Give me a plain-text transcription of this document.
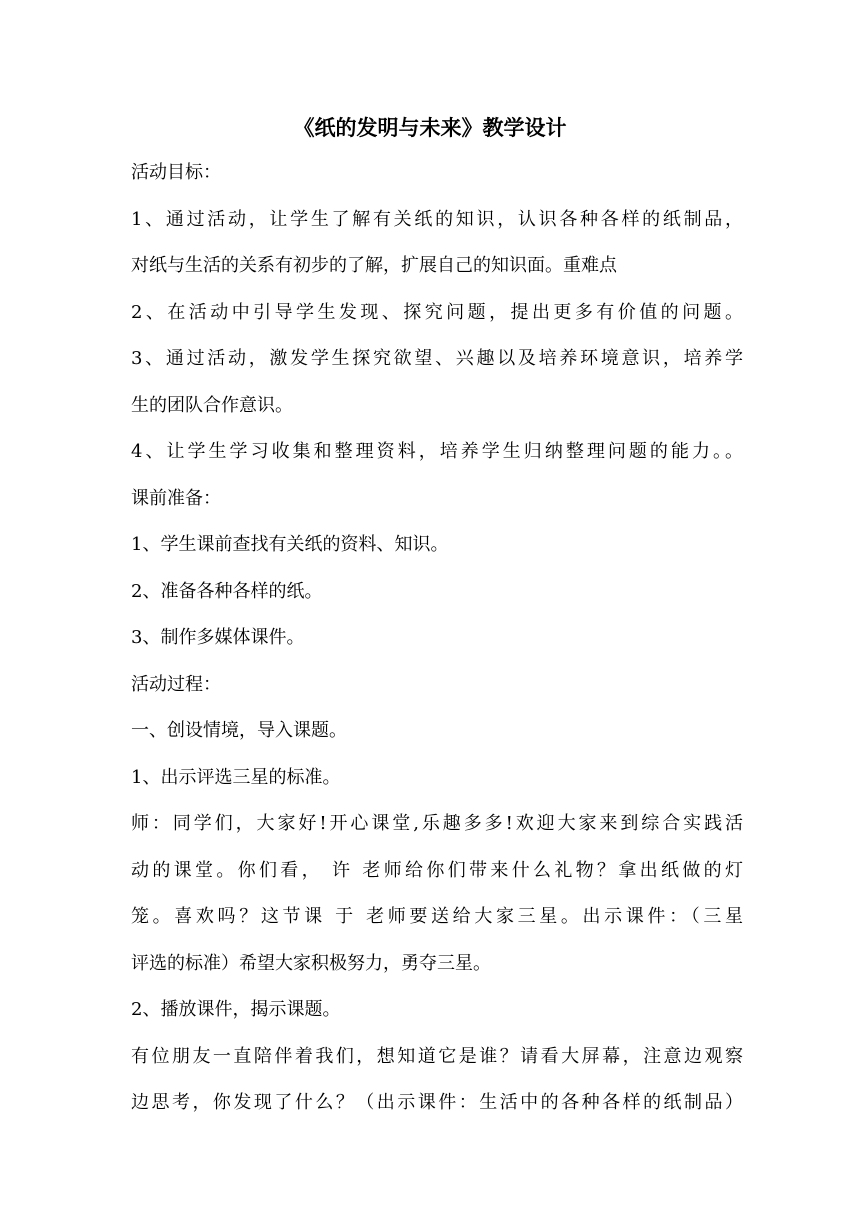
《纸的发明与未来》教学设计
活动目标：
1、通过活动，让学生了解有关纸的知识，认识各种各样的纸制品，
对纸与生活的关系有初步的了解，扩展自己的知识面。重难点
2、在活动中引导学生发现、探究问题，提出更多有价值的问题。
3、通过活动，激发学生探究欲望、兴趣以及培养环境意识，培养学
生的团队合作意识。
4、让学生学习收集和整理资料，培养学生归纳整理问题的能力。。
课前准备：
1、学生课前查找有关纸的资料、知识。
2、准备各种各样的纸。
3、制作多媒体课件。
活动过程：
一、创设情境，导入课题。
1、出示评选三星的标准。
师：同学们，大家好!开心课堂,乐趣多多!欢迎大家来到综合实践活
动的课堂。你们看， 许 老师给你们带来什么礼物？拿出纸做的灯
笼。喜欢吗？这节课 于 老师要送给大家三星。出示课件：（三星
评选的标准）希望大家积极努力，勇夺三星。
2、播放课件，揭示课题。
有位朋友一直陪伴着我们，想知道它是谁？请看大屏幕，注意边观察
边思考，你发现了什么？（出示课件：生活中的各种各样的纸制品）
